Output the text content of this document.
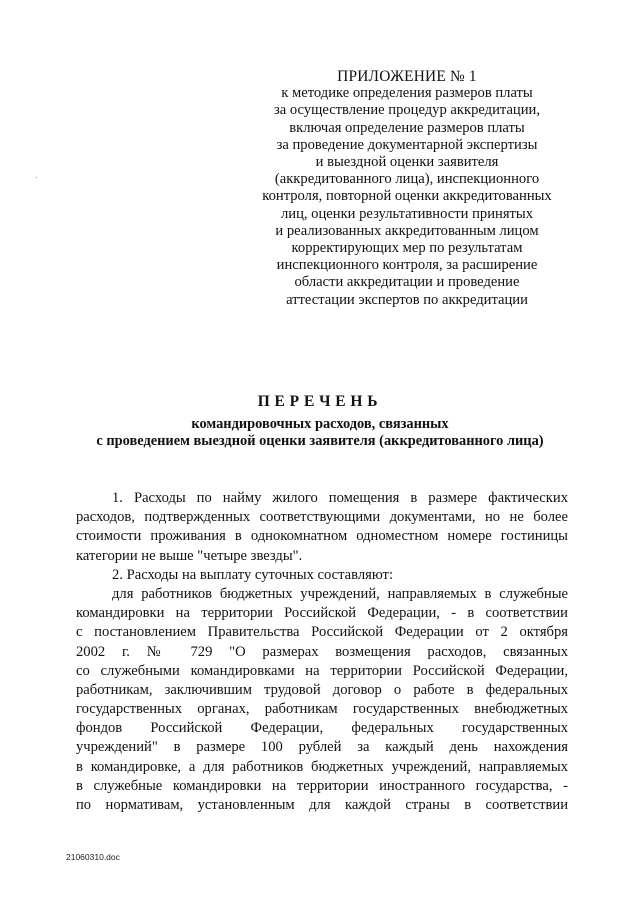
ПРИЛОЖЕНИЕ № 1
к методике определения размеров платы
за осуществление процедур аккредитации,
включая определение размеров платы
за проведение документарной экспертизы
и выездной оценки заявителя
(аккредитованного лица), инспекционного
контроля, повторной оценки аккредитованных
лиц, оценки результативности принятых
и реализованных аккредитованным лицом
корректирующих мер по результатам
инспекционного контроля, за расширение
области аккредитации и проведение
аттестации экспертов по аккредитации
ПЕРЕЧЕНЬ
командировочных расходов, связанных
с проведением выездной оценки заявителя (аккредитованного лица)
1. Расходы по найму жилого помещения в размере фактических
расходов, подтвержденных соответствующими документами, но не более
стоимости проживания в однокомнатном одноместном номере гостиницы
категории не выше "четыре звезды".
2. Расходы на выплату суточных составляют:
для работников бюджетных учреждений, направляемых в служебные
командировки на территории Российской Федерации, - в соответствии
с постановлением Правительства Российской Федерации от 2 октября
2002 г. № 729 "О размерах возмещения расходов, связанных
со служебными командировками на территории Российской Федерации,
работникам, заключившим трудовой договор о работе в федеральных
государственных органах, работникам государственных внебюджетных
фондов Российской Федерации, федеральных государственных
учреждений" в размере 100 рублей за каждый день нахождения
в командировке, а для работников бюджетных учреждений, направляемых
в служебные командировки на территории иностранного государства, -
по нормативам, установленным для каждой страны в соответствии
21060310.doc
